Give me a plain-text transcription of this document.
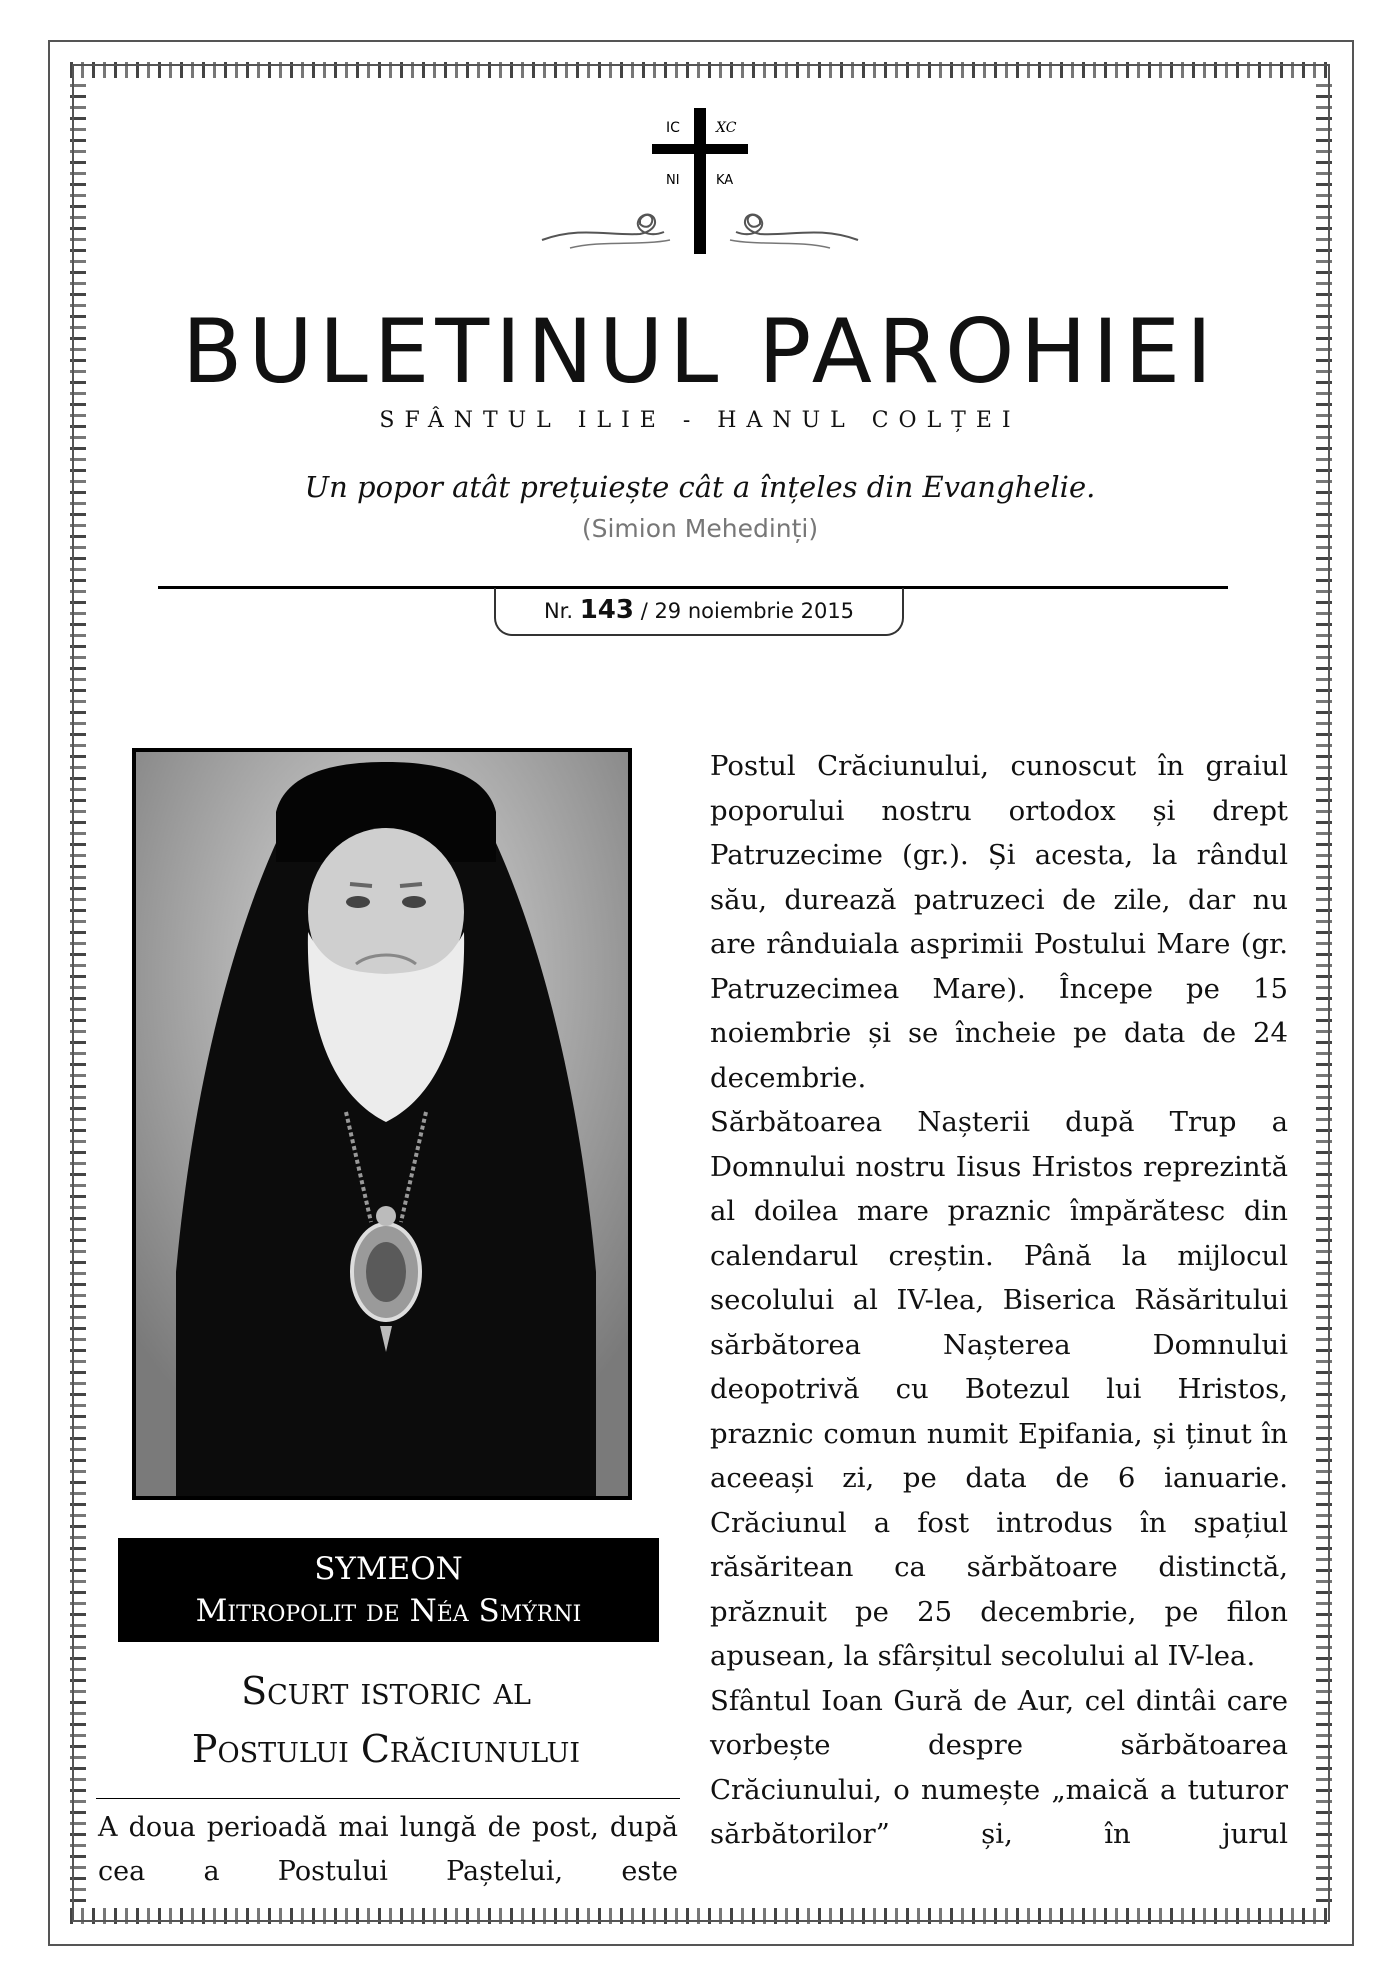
IC	XC
NI	KA
BULETINUL PAROHIEI
SFÂNTUL ILIE - HANUL COLȚEI
Un popor atât prețuiește cât a înțeles din Evanghelie.
(Simion Mehedinți)
Nr. 143 / 29 noiembrie 2015
SYMEON
Mitropolit de Néa Smýrni
Scurt istoric al
Postului Crăciunului
A doua perioadă mai lungă de post, după cea a Postului Paștelui, este

Postul Crăciunului, cunoscut în graiul poporului nostru ortodox și drept Patruzecime (gr.). Și acesta, la rândul său, durează patruzeci de zile, dar nu are rânduiala asprimii Postului Mare (gr. Patruzecimea Mare). Începe pe 15 noiembrie și se încheie pe data de 24 decembrie.

Sărbătoarea Nașterii după Trup a Domnului nostru Iisus Hristos reprezintă al doilea mare praznic împărătesc din calendarul creștin. Până la mijlocul secolului al IV-lea, Biserica Răsăritului sărbătorea Nașterea Domnului deopotrivă cu Botezul lui Hristos, praznic comun numit Epifania, și ținut în aceeași zi, pe data de 6 ianuarie. Crăciunul a fost introdus în spațiul răsăritean ca sărbătoare distinctă, prăznuit pe 25 decembrie, pe filon apusean, la sfârșitul secolului al IV-lea.

Sfântul Ioan Gură de Aur, cel dintâi care vorbește despre sărbătoarea Crăciunului, o numește „maică a tuturor sărbătorilor” și, în jurul
